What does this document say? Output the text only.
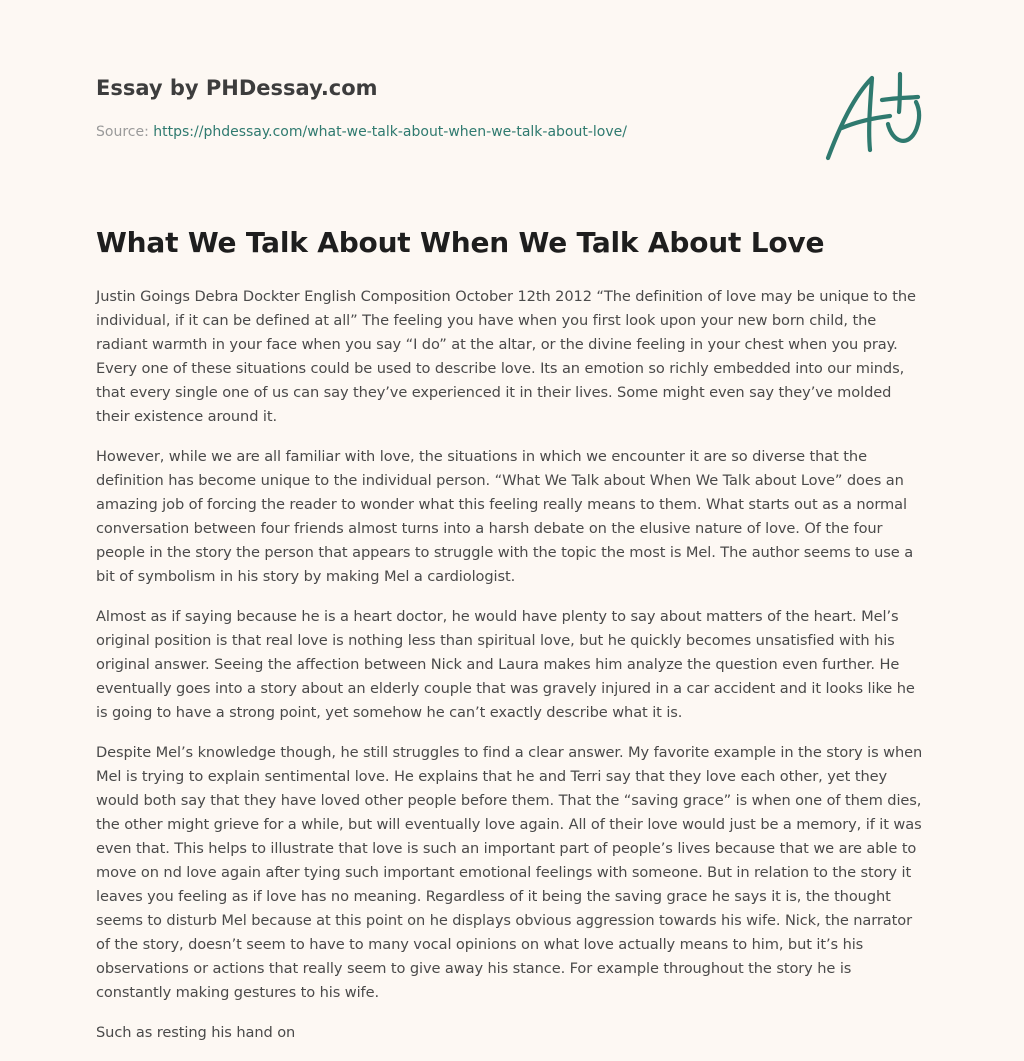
Essay by PHDessay.com
Source: https://phdessay.com/what-we-talk-about-when-we-talk-about-love/
What We Talk About When We Talk About Love

Justin Goings Debra Dockter English Composition October 12th 2012 “The definition of love may be unique to the individual, if it can be defined at all” The feeling you have when you first look upon your new born child, the radiant warmth in your face when you say “I do” at the altar, or the divine feeling in your chest when you pray. Every one of these situations could be used to describe love. Its an emotion so richly embedded into our minds, that every single one of us can say they’ve experienced it in their lives. Some might even say they’ve molded their existence around it.

However, while we are all familiar with love, the situations in which we encounter it are so diverse that the definition has become unique to the individual person. “What We Talk about When We Talk about Love” does an amazing job of forcing the reader to wonder what this feeling really means to them. What starts out as a normal conversation between four friends almost turns into a harsh debate on the elusive nature of love. Of the four people in the story the person that appears to struggle with the topic the most is Mel. The author seems to use a bit of symbolism in his story by making Mel a cardiologist.

Almost as if saying because he is a heart doctor, he would have plenty to say about matters of the heart. Mel’s original position is that real love is nothing less than spiritual love, but he quickly becomes unsatisfied with his original answer. Seeing the affection between Nick and Laura makes him analyze the question even further. He eventually goes into a story about an elderly couple that was gravely injured in a car accident and it looks like he is going to have a strong point, yet somehow he can’t exactly describe what it is.

Despite Mel’s knowledge though, he still struggles to find a clear answer. My favorite example in the story is when Mel is trying to explain sentimental love. He explains that he and Terri say that they love each other, yet they would both say that they have loved other people before them. That the “saving grace” is when one of them dies, the other might grieve for a while, but will eventually love again. All of their love would just be a memory, if it was even that. This helps to illustrate that love is such an important part of people’s lives because that we are able to move on nd love again after tying such important emotional feelings with someone. But in relation to the story it leaves you feeling as if love has no meaning. Regardless of it being the saving grace he says it is, the thought seems to disturb Mel because at this point on he displays obvious aggression towards his wife. Nick, the narrator of the story, doesn’t seem to have to many vocal opinions on what love actually means to him, but it’s his observations or actions that really seem to give away his stance. For example throughout the story he is constantly making gestures to his wife.

Such as resting his hand on
